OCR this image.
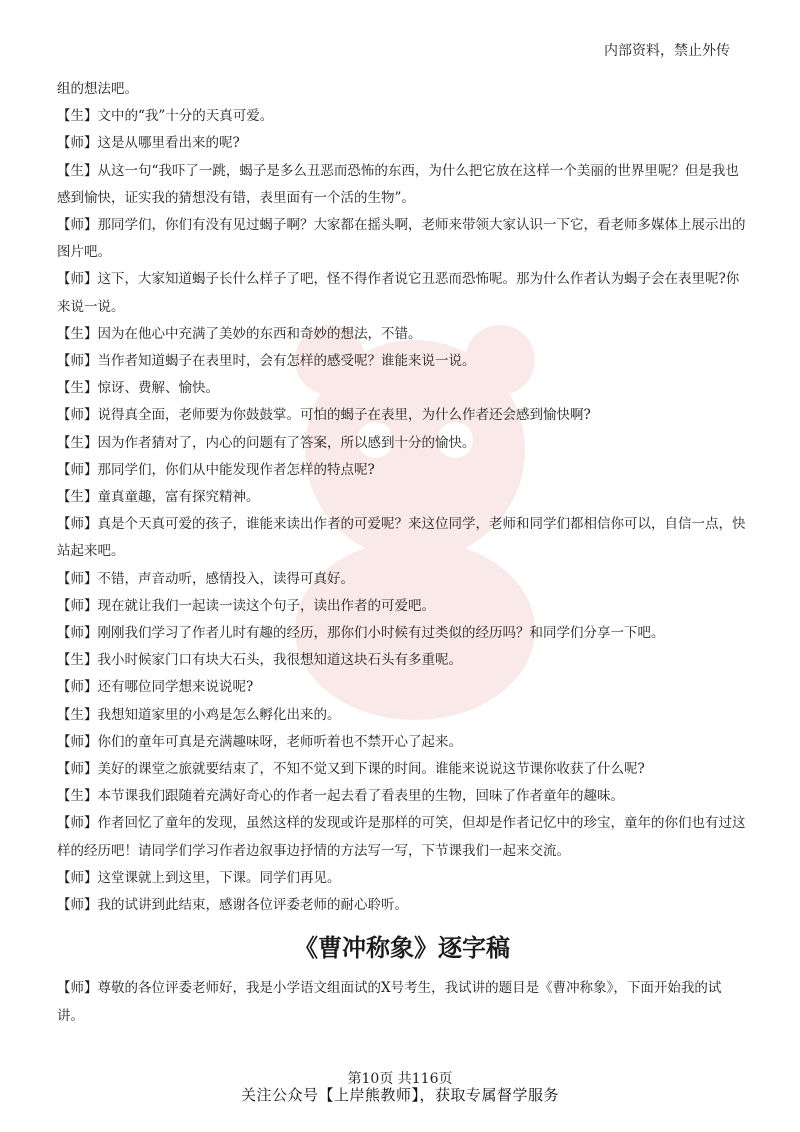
内部资料，禁止外传

组的想法吧。

【生】文中的“我”十分的天真可爱。

【师】这是从哪里看出来的呢?

【生】从这一句“我吓了一跳，蝎子是多么丑恶而恐怖的东西，为什么把它放在这样一个美丽的世界里呢？但是我也感到愉快，证实我的猜想没有错，表里面有一个活的生物”。

【师】那同学们，你们有没有见过蝎子啊？大家都在摇头啊，老师来带领大家认识一下它，看老师多媒体上展示出的图片吧。

【师】这下，大家知道蝎子长什么样子了吧，怪不得作者说它丑恶而恐怖呢。那为什么作者认为蝎子会在表里呢?你来说一说。

【生】因为在他心中充满了美妙的东西和奇妙的想法，不错。

【师】当作者知道蝎子在表里时，会有怎样的感受呢？谁能来说一说。

【生】惊讶、费解、愉快。

【师】说得真全面，老师要为你鼓鼓掌。可怕的蝎子在表里，为什么作者还会感到愉快啊?

【生】因为作者猜对了，内心的问题有了答案，所以感到十分的愉快。

【师】那同学们，你们从中能发现作者怎样的特点呢?

【生】童真童趣，富有探究精神。

【师】真是个天真可爱的孩子，谁能来读出作者的可爱呢？来这位同学，老师和同学们都相信你可以，自信一点，快站起来吧。

【师】不错，声音动听，感情投入，读得可真好。

【师】现在就让我们一起读一读这个句子，读出作者的可爱吧。

【师】刚刚我们学习了作者儿时有趣的经历，那你们小时候有过类似的经历吗？和同学们分享一下吧。

【生】我小时候家门口有块大石头，我很想知道这块石头有多重呢。

【师】还有哪位同学想来说说呢?

【生】我想知道家里的小鸡是怎么孵化出来的。

【师】你们的童年可真是充满趣味呀，老师听着也不禁开心了起来。

【师】美好的课堂之旅就要结束了，不知不觉又到下课的时间。谁能来说说这节课你收获了什么呢?

【生】本节课我们跟随着充满好奇心的作者一起去看了看表里的生物，回味了作者童年的趣味。

【师】作者回忆了童年的发现，虽然这样的发现或许是那样的可笑，但却是作者记忆中的珍宝，童年的你们也有过这样的经历吧！请同学们学习作者边叙事边抒情的方法写一写，下节课我们一起来交流。

【师】这堂课就上到这里，下课。同学们再见。

【师】我的试讲到此结束，感谢各位评委老师的耐心聆听。

《曹冲称象》逐字稿

【师】尊敬的各位评委老师好，我是小学语文组面试的X号考生，我试讲的题目是《曹冲称象》，下面开始我的试讲。

第10页 共116页
关注公众号【上岸熊教师】，获取专属督学服务
